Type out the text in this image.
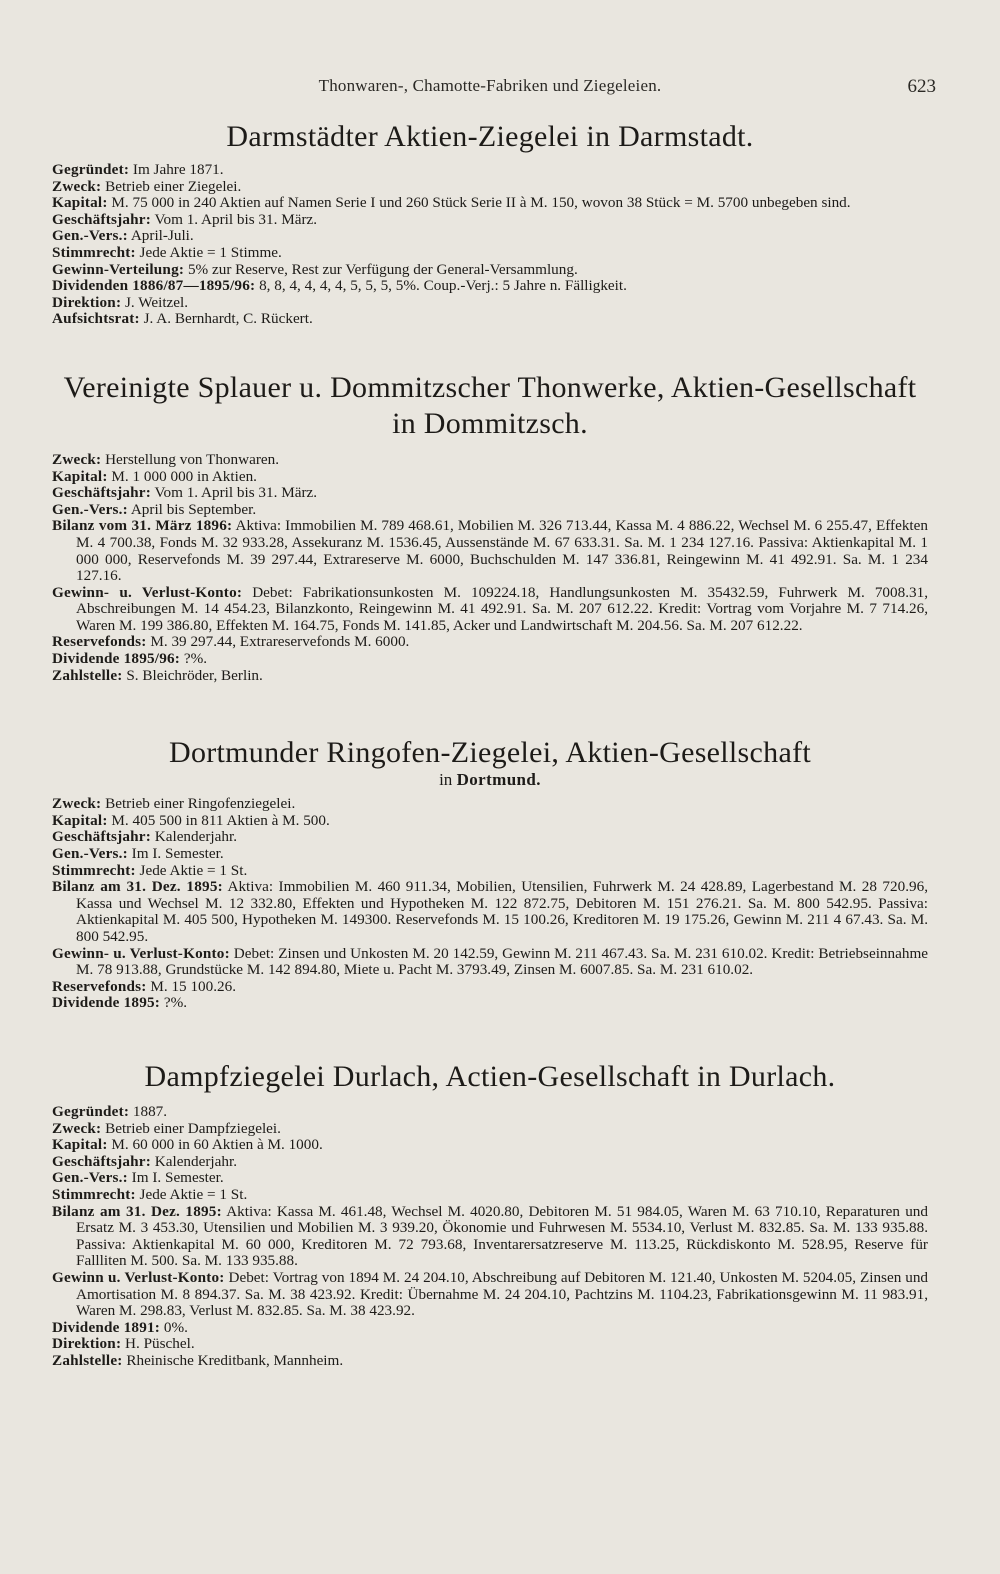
Thonwaren-, Chamotte-Fabriken und Ziegeleien.	623
Darmstädter Aktien-Ziegelei in Darmstadt.
Gegründet: Im Jahre 1871.
Zweck: Betrieb einer Ziegelei.
Kapital: M. 75 000 in 240 Aktien auf Namen Serie I und 260 Stück Serie II à M. 150, wovon 38 Stück = M. 5700 unbegeben sind.
Geschäftsjahr: Vom 1. April bis 31. März.
Gen.-Vers.: April-Juli.
Stimmrecht: Jede Aktie = 1 Stimme.
Gewinn-Verteilung: 5% zur Reserve, Rest zur Verfügung der General-Versammlung.
Dividenden 1886/87—1895/96: 8, 8, 4, 4, 4, 4, 5, 5, 5, 5%. Coup.-Verj.: 5 Jahre n. Fälligkeit.
Direktion: J. Weitzel.
Aufsichtsrat: J. A. Bernhardt, C. Rückert.
Vereinigte Splauer u. Dommitzscher Thonwerke, Aktien-Gesellschaft in Dommitzsch.
Zweck: Herstellung von Thonwaren.
Kapital: M. 1 000 000 in Aktien.
Geschäftsjahr: Vom 1. April bis 31. März.
Gen.-Vers.: April bis September.
Bilanz vom 31. März 1896: Aktiva: Immobilien M. 789 468.61, Mobilien M. 326 713.44, Kassa M. 4 886.22, Wechsel M. 6 255.47, Effekten M. 4 700.38, Fonds M. 32 933.28, Assekuranz M. 1536.45, Aussenstände M. 67 633.31. Sa. M. 1 234 127.16. Passiva: Aktienkapital M. 1 000 000, Reservefonds M. 39 297.44, Extrareserve M. 6000, Buchschulden M. 147 336.81, Reingewinn M. 41 492.91. Sa. M. 1 234 127.16.
Gewinn- u. Verlust-Konto: Debet: Fabrikationsunkosten M. 109224.18, Handlungsunkosten M. 35432.59, Fuhrwerk M. 7008.31, Abschreibungen M. 14 454.23, Bilanzkonto, Reingewinn M. 41 492.91. Sa. M. 207 612.22. Kredit: Vortrag vom Vorjahre M. 7 714.26, Waren M. 199 386.80, Effekten M. 164.75, Fonds M. 141.85, Acker und Landwirtschaft M. 204.56. Sa. M. 207 612.22.
Reservefonds: M. 39 297.44, Extrareservefonds M. 6000.
Dividende 1895/96: ?%.
Zahlstelle: S. Bleichröder, Berlin.
Dortmunder Ringofen-Ziegelei, Aktien-Gesellschaft
in Dortmund.
Zweck: Betrieb einer Ringofenziegelei.
Kapital: M. 405 500 in 811 Aktien à M. 500.
Geschäftsjahr: Kalenderjahr.
Gen.-Vers.: Im I. Semester.
Stimmrecht: Jede Aktie = 1 St.
Bilanz am 31. Dez. 1895: Aktiva: Immobilien M. 460 911.34, Mobilien, Utensilien, Fuhrwerk M. 24 428.89, Lagerbestand M. 28 720.96, Kassa und Wechsel M. 12 332.80, Effekten und Hypotheken M. 122 872.75, Debitoren M. 151 276.21. Sa. M. 800 542.95. Passiva: Aktienkapital M. 405 500, Hypotheken M. 149300. Reservefonds M. 15 100.26, Kreditoren M. 19 175.26, Gewinn M. 211 4 67.43. Sa. M. 800 542.95.
Gewinn- u. Verlust-Konto: Debet: Zinsen und Unkosten M. 20 142.59, Gewinn M. 211 467.43. Sa. M. 231 610.02. Kredit: Betriebseinnahme M. 78 913.88, Grundstücke M. 142 894.80, Miete u. Pacht M. 3793.49, Zinsen M. 6007.85. Sa. M. 231 610.02.
Reservefonds: M. 15 100.26.
Dividende 1895: ?%.
Dampfziegelei Durlach, Actien-Gesellschaft in Durlach.
Gegründet: 1887.
Zweck: Betrieb einer Dampfziegelei.
Kapital: M. 60 000 in 60 Aktien à M. 1000.
Geschäftsjahr: Kalenderjahr.
Gen.-Vers.: Im I. Semester.
Stimmrecht: Jede Aktie = 1 St.
Bilanz am 31. Dez. 1895: Aktiva: Kassa M. 461.48, Wechsel M. 4020.80, Debitoren M. 51 984.05, Waren M. 63 710.10, Reparaturen und Ersatz M. 3 453.30, Utensilien und Mobilien M. 3 939.20, Ökonomie und Fuhrwesen M. 5534.10, Verlust M. 832.85. Sa. M. 133 935.88. Passiva: Aktienkapital M. 60 000, Kreditoren M. 72 793.68, Inventarersatzreserve M. 113.25, Rückdiskonto M. 528.95, Reserve für Fallliten M. 500. Sa. M. 133 935.88.
Gewinn u. Verlust-Konto: Debet: Vortrag von 1894 M. 24 204.10, Abschreibung auf Debitoren M. 121.40, Unkosten M. 5204.05, Zinsen und Amortisation M. 8 894.37. Sa. M. 38 423.92. Kredit: Übernahme M. 24 204.10, Pachtzins M. 1104.23, Fabrikationsgewinn M. 11 983.91, Waren M. 298.83, Verlust M. 832.85. Sa. M. 38 423.92.
Dividende 1891: 0%.
Direktion: H. Püschel.
Zahlstelle: Rheinische Kreditbank, Mannheim.
